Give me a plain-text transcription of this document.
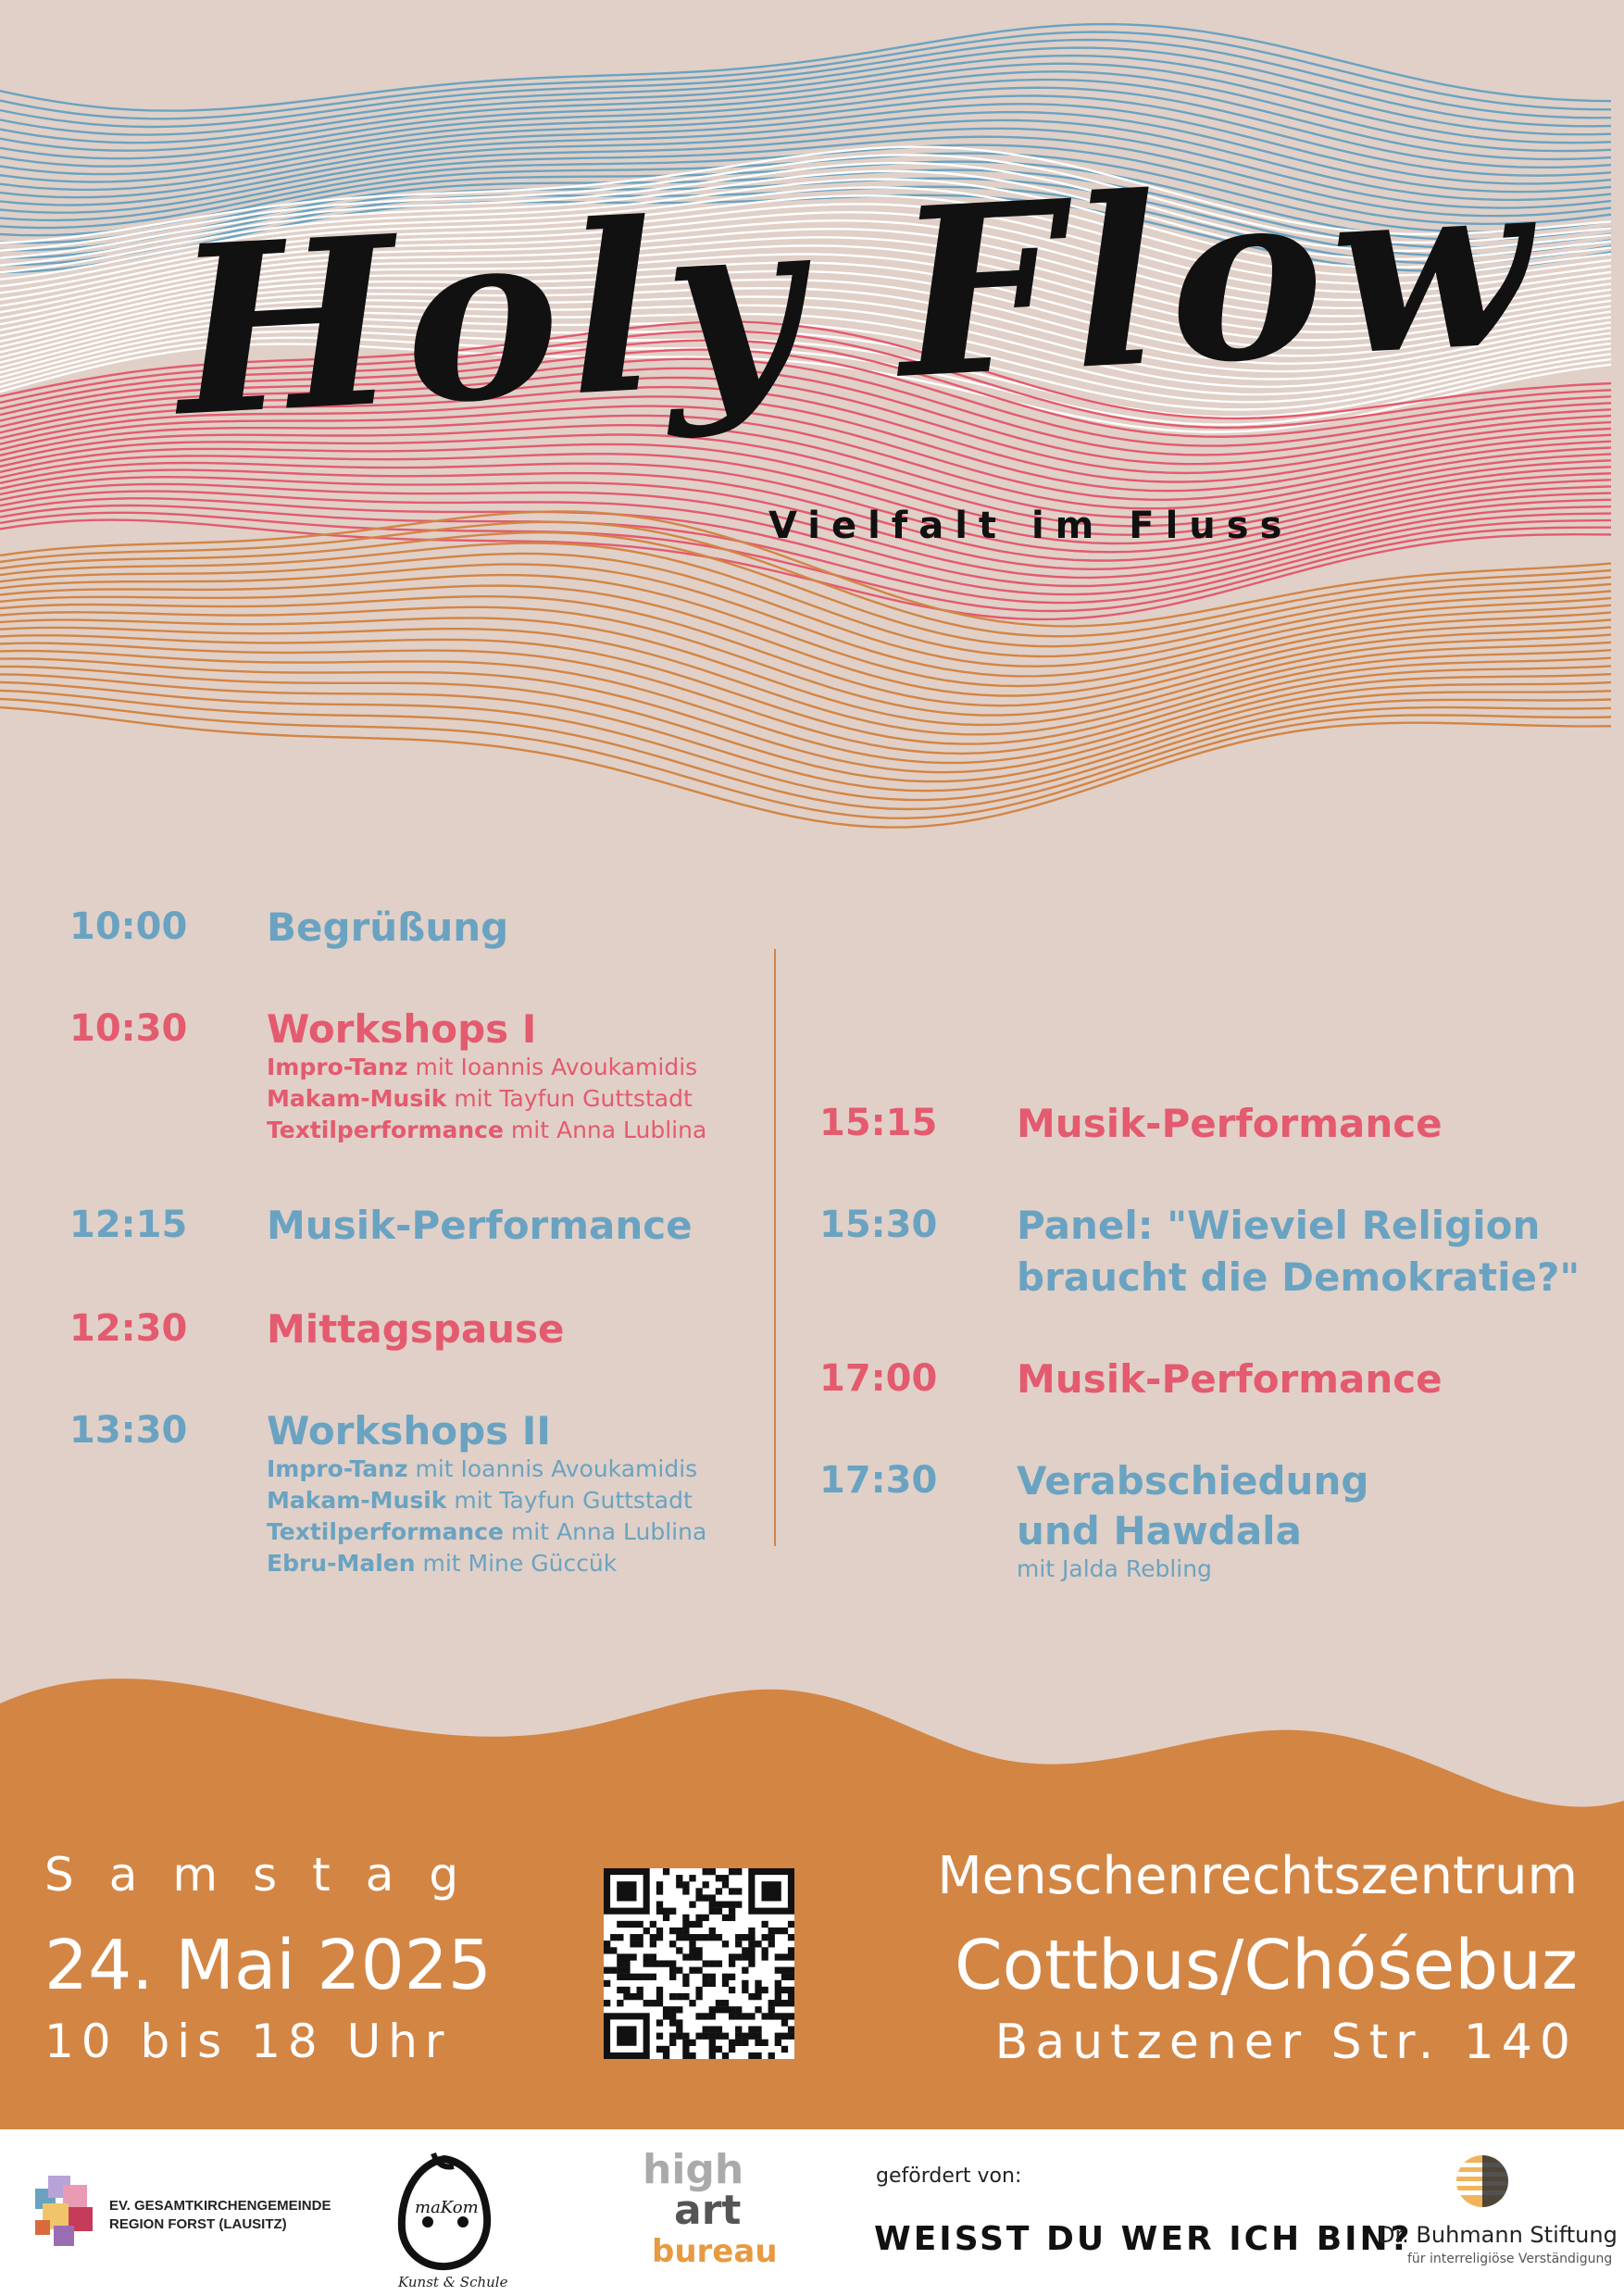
Holy Flow
Vielfalt im Fluss
10:00 Begrüßung
10:30 Workshops I
Impro-Tanz mit Ioannis Avoukamidis
Makam-Musik mit Tayfun Guttstadt
Textilperformance mit Anna Lublina
12:15 Musik-Performance
12:30 Mittagspause
13:30 Workshops II
Impro-Tanz mit Ioannis Avoukamidis
Makam-Musik mit Tayfun Guttstadt
Textilperformance mit Anna Lublina
Ebru-Malen mit Mine Güccük
15:15 Musik-Performance
15:30 Panel: "Wieviel Religion
braucht die Demokratie?"
17:00 Musik-Performance
17:30 Verabschiedung
und Hawdala
mit Jalda Rebling
Samstag
24. Mai 2025
10 bis 18 Uhr
Menschenrechtszentrum
Cottbus/Chóśebuz
Bautzener Str. 140
EV. GESAMTKIRCHENGEMEINDE
REGION FORST (LAUSITZ)
maKom
Kunst & Schule
high
art
bureau
gefördert von:
WEISST DU WER ICH BIN?
Dr. Buhmann Stiftung
für interreligiöse Verständigung
